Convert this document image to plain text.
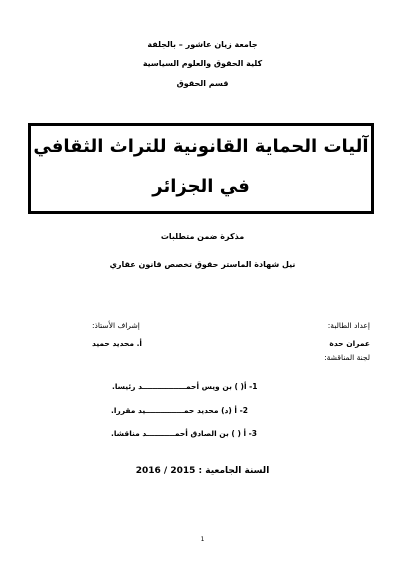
جامعة زيان عاشور – بالجلفة
كلية الحقوق والعلوم السياسية
قسم الحقوق
آليات الحماية القانونية للتراث الثقافي
في الجزائر
مذكرة ضمن متطلبات
نيل شهادة الماستر حقوق تخصص قانون عقاري
إعداد الطالبة:
عمران حدة
لجنة المناقشة:
إشراف الأستاذ:
أ. محديد حميد
1- أ( ) بن ويس أحمـــــــــــــــــد رئيسا.
2- أ (د) محديد حمـــــــــــــــيد مقررا.
3- أ ( ) بن الصادق أحمـــــــــــد مناقشا.
السنة الجامعية : 2015 / 2016
1
